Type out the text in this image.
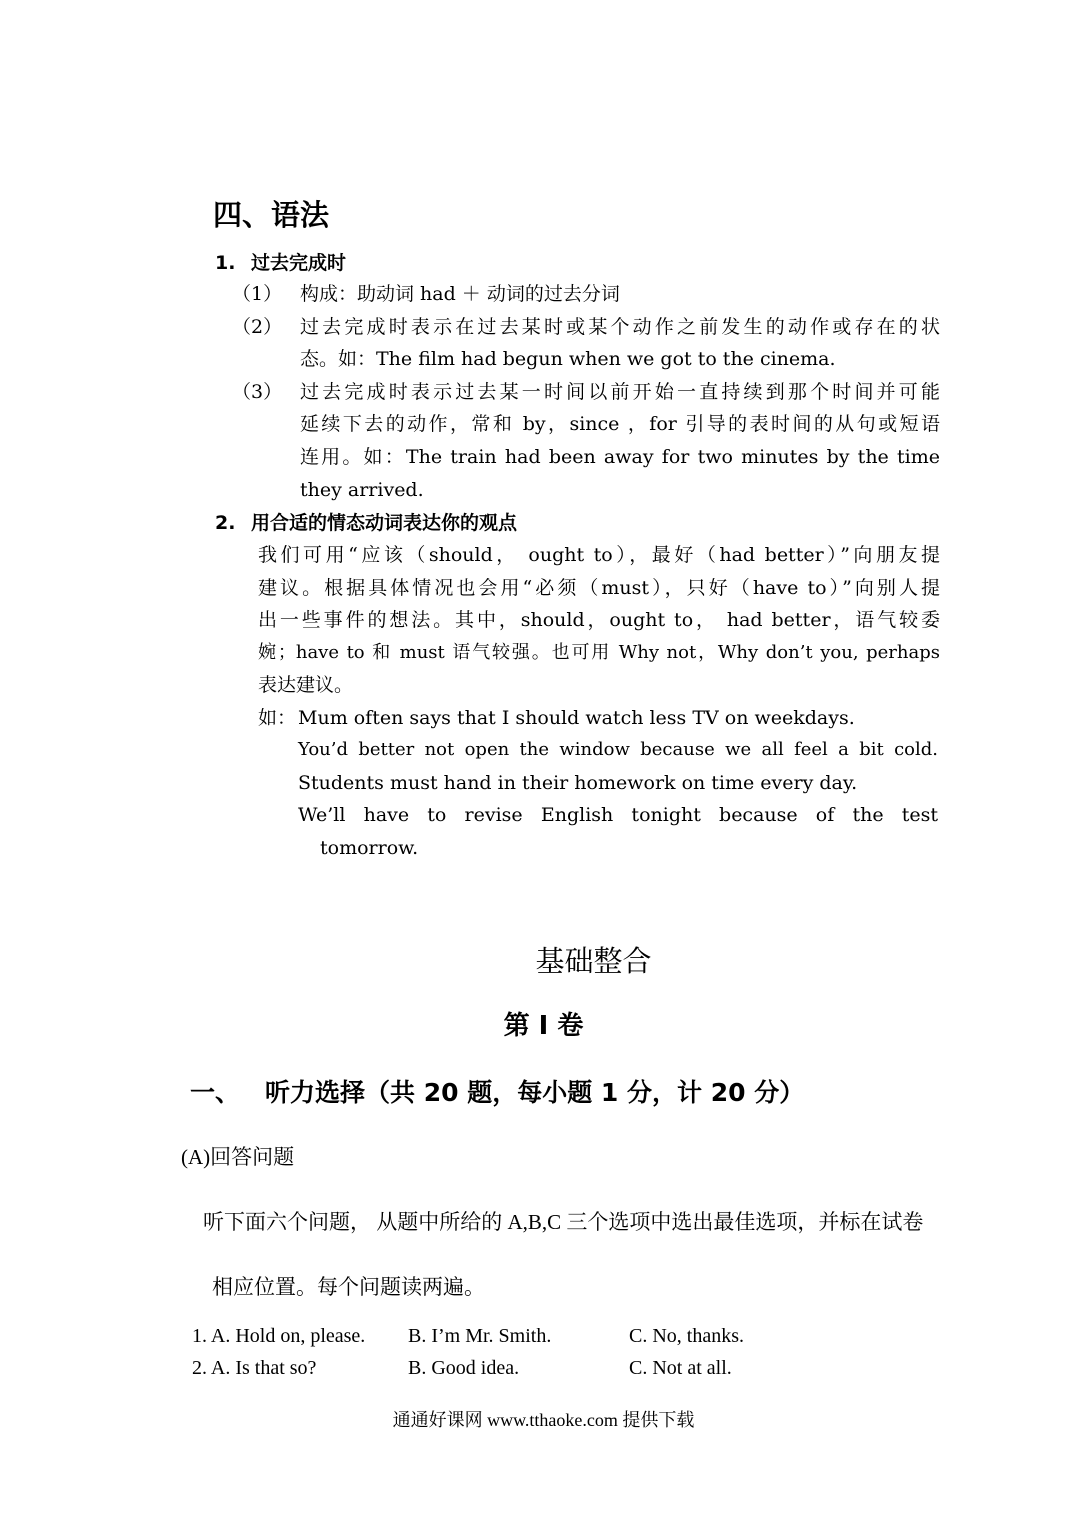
四、语法
1. 过去完成时
（1） 构成：助动词 had ＋ 动词的过去分词
（2） 过去完成时表示在过去某时或某个动作之前发生的动作或存在的状
态。如：The film had begun when we got to the cinema.
（3） 过去完成时表示过去某一时间以前开始一直持续到那个时间并可能
延续下去的动作，常和 by，since ，for 引导的表时间的从句或短语
连用。如：The train had been away for two minutes by the time
they arrived.
2. 用合适的情态动词表达你的观点
我们可用“应该（should， ought to），最好（had better）”向朋友提
建议。根据具体情况也会用“必须（must），只好（have to）”向别人提
出一些事件的想法。其中，should，ought to， had better，语气较委
婉；have to 和 must 语气较强。也可用 Why not，Why don’t you, perhaps
表达建议。
如： Mum often says that I should watch less TV on weekdays.
You’d better not open the window because we all feel a bit cold.
Students must hand in their homework on time every day.
We’ll have to revise English tonight because of the test
tomorrow.
基础整合
第 I 卷
一、 听力选择（共 20 题，每小题 1 分，计 20 分）
(A)回答问题
听下面六个问题， 从题中所给的 A,B,C 三个选项中选出最佳选项，并标在试卷
相应位置。每个问题读两遍。
1. A. Hold on, please. B. I’m Mr. Smith.	C. No, thanks.
2. A. Is that so?	B. Good idea.	C. Not at all.
通通好课网 www.tthaoke.com 提供下载
